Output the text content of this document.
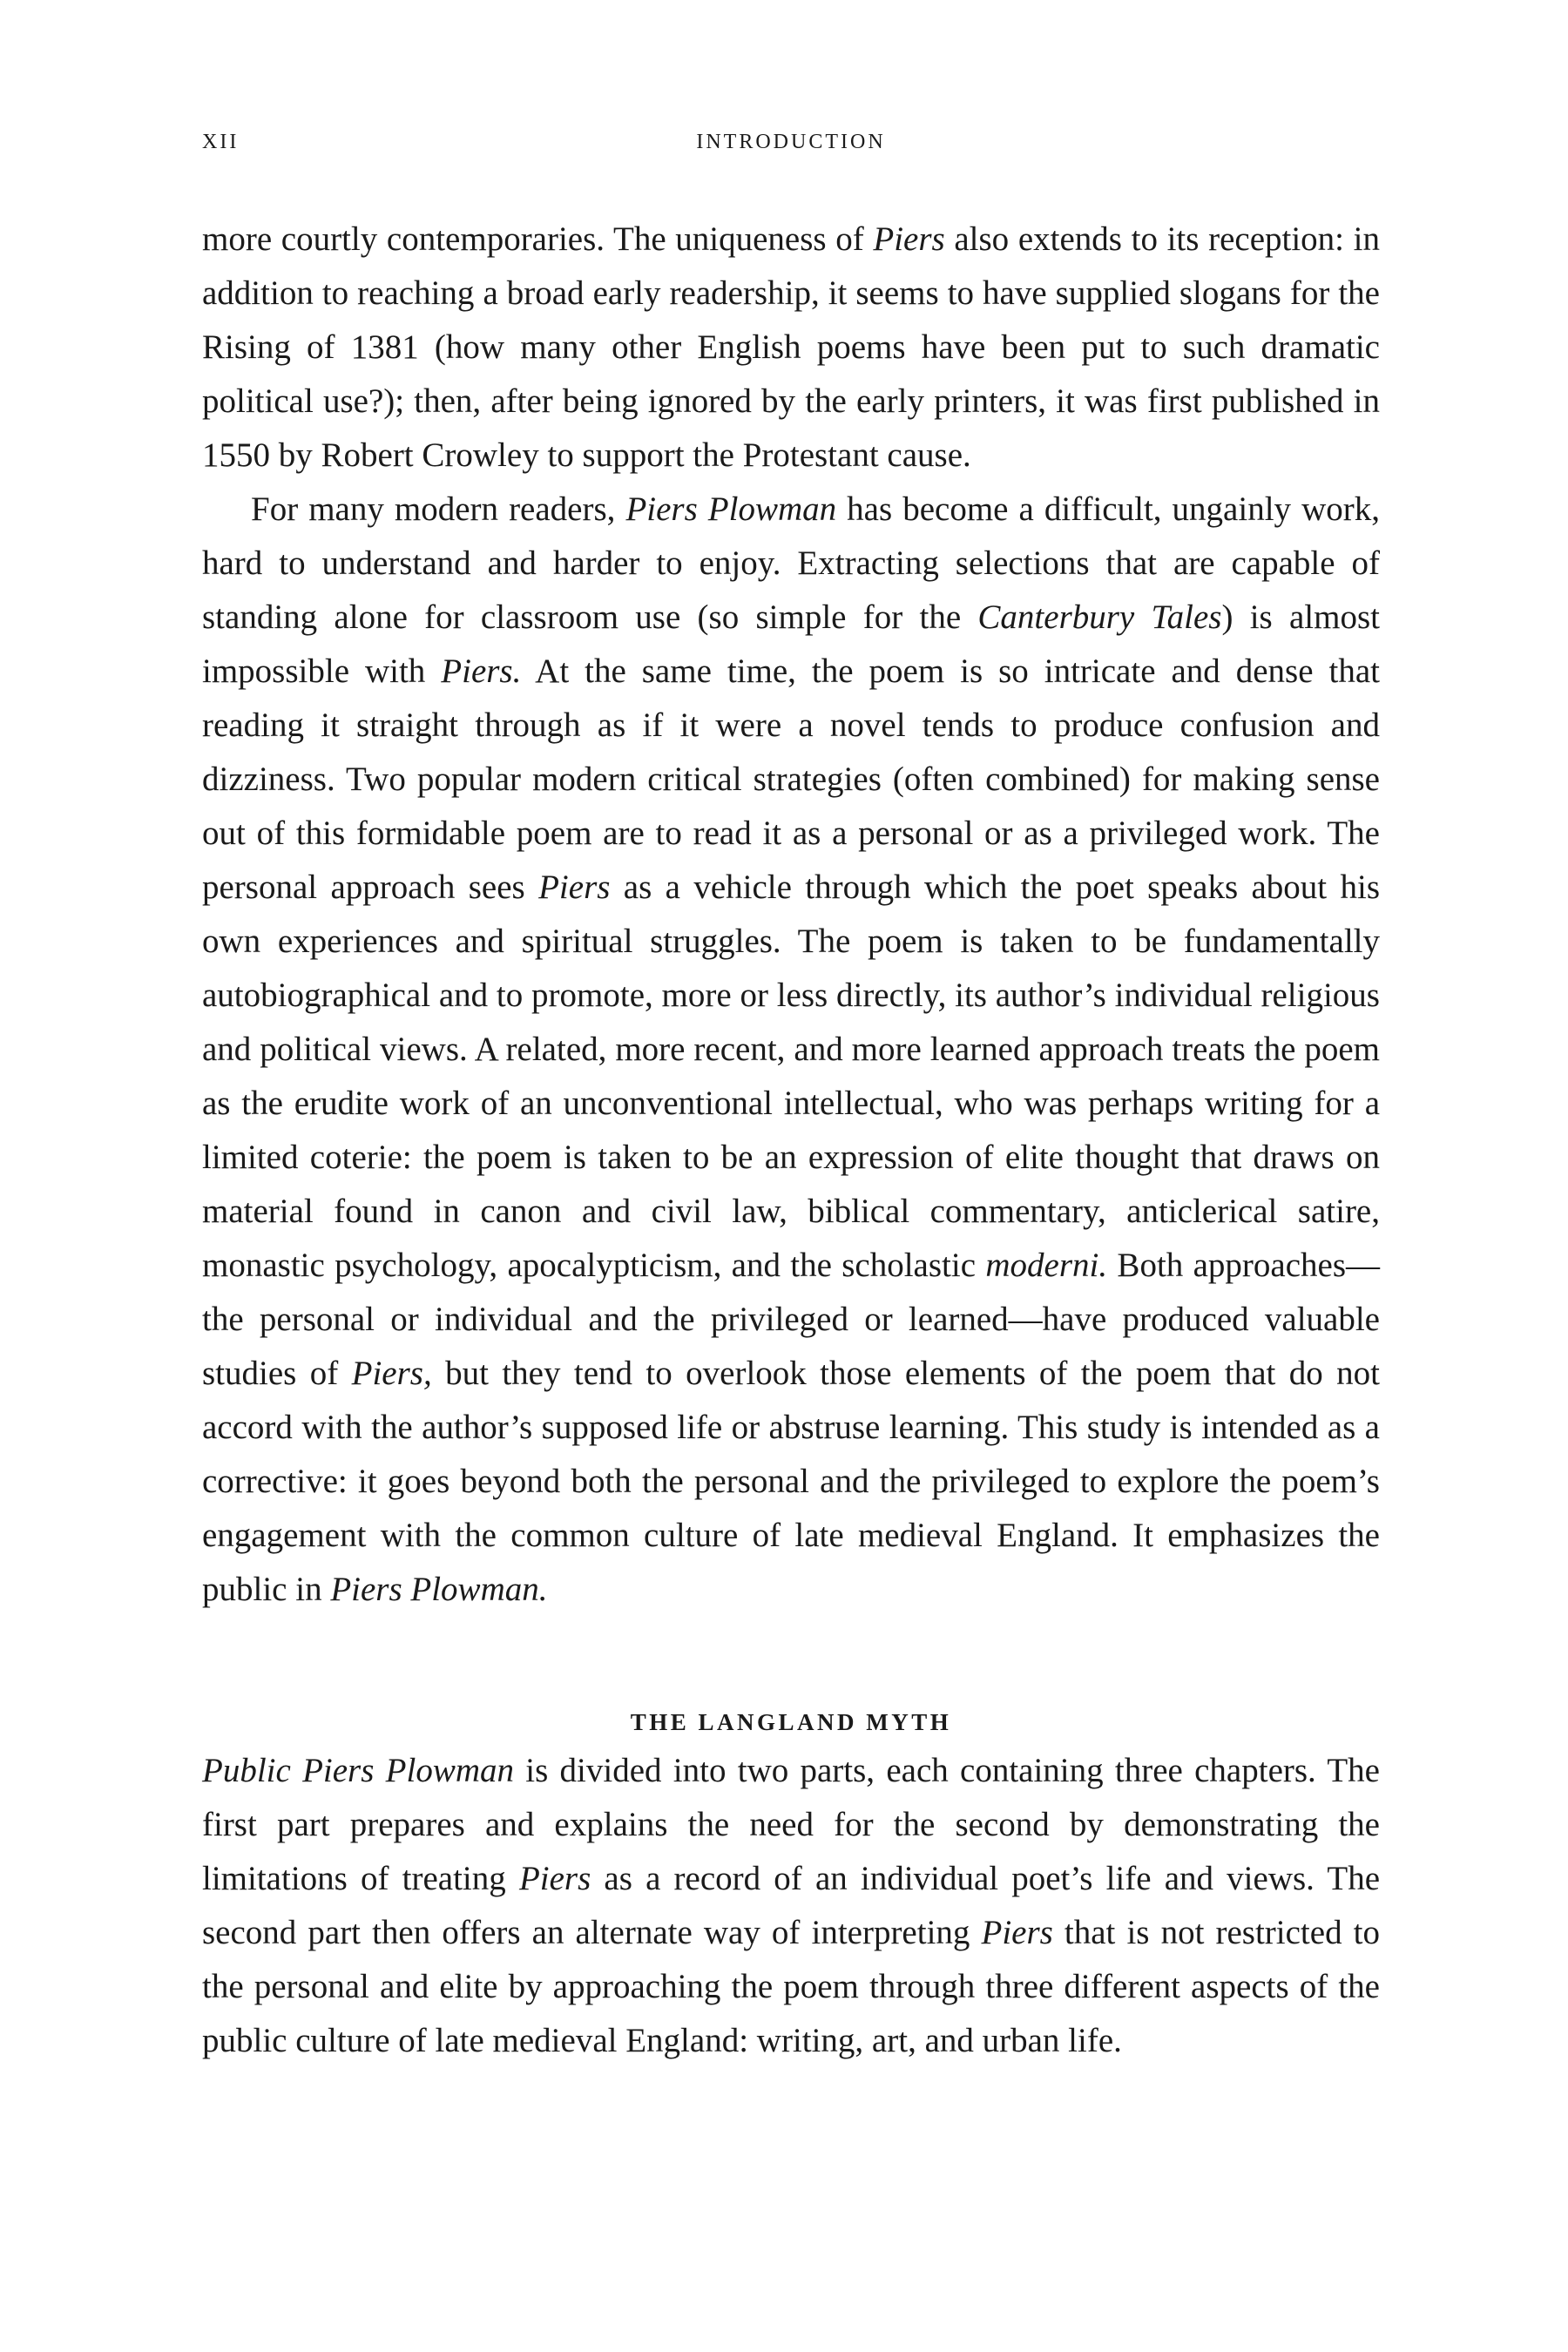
XII	INTRODUCTION

more courtly contemporaries. The uniqueness of Piers also extends to its reception: in addition to reaching a broad early readership, it seems to have supplied slogans for the Rising of 1381 (how many other English poems have been put to such dramatic political use?); then, after being ignored by the early printers, it was first published in 1550 by Robert Crowley to support the Protestant cause.

For many modern readers, Piers Plowman has become a difficult, ungainly work, hard to understand and harder to enjoy. Extracting selections that are capable of standing alone for classroom use (so simple for the Canterbury Tales) is almost impossible with Piers. At the same time, the poem is so intricate and dense that reading it straight through as if it were a novel tends to produce confusion and dizziness. Two popular modern critical strategies (often combined) for making sense out of this formidable poem are to read it as a personal or as a privileged work. The personal approach sees Piers as a vehicle through which the poet speaks about his own experiences and spiritual struggles. The poem is taken to be fundamentally autobiographical and to promote, more or less directly, its author’s individual religious and political views. A related, more recent, and more learned approach treats the poem as the erudite work of an unconventional intellectual, who was perhaps writing for a limited coterie: the poem is taken to be an expression of elite thought that draws on material found in canon and civil law, biblical commentary, anticlerical satire, monastic psychology, apocalypticism, and the scholastic moderni. Both approaches—the personal or individual and the privileged or learned—have produced valuable studies of Piers, but they tend to overlook those elements of the poem that do not accord with the author’s supposed life or abstruse learning. This study is intended as a corrective: it goes beyond both the personal and the privileged to explore the poem’s engagement with the common culture of late medieval England. It emphasizes the public in Piers Plowman.

THE LANGLAND MYTH

Public Piers Plowman is divided into two parts, each containing three chapters. The first part prepares and explains the need for the second by demonstrating the limitations of treating Piers as a record of an individual poet’s life and views. The second part then offers an alternate way of interpreting Piers that is not restricted to the personal and elite by approaching the poem through three different aspects of the public culture of late medieval England: writing, art, and urban life.
